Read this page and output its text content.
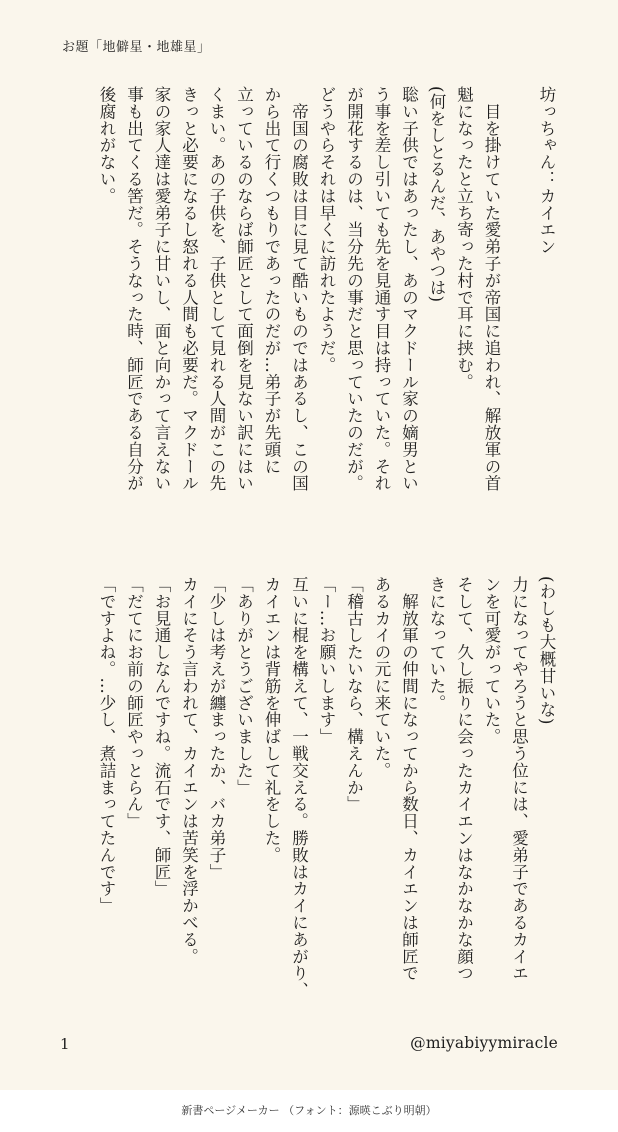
お題「地僻星・地雄星」
坊っちゃん：カイエン
　目を掛けていた愛弟子が帝国に追われ、解放軍の首
魁になったと立ち寄った村で耳に挟む。
(何をしとるんだ、あやつは)
聡い子供ではあったし、あのマクドール家の嫡男とい
う事を差し引いても先を見通す目は持っていた。それ
が開花するのは、当分先の事だと思っていたのだが。
どうやらそれは早くに訪れたようだ。
　帝国の腐敗は目に見て酷いものではあるし、この国
から出て行くつもりであったのだが…弟子が先頭に
立っているのならば師匠として面倒を見ない訳にはい
くまい。あの子供を、子供として見れる人間がこの先
きっと必要になるし怒れる人間も必要だ。マクドール
家の家人達は愛弟子に甘いし、面と向かって言えない
事も出てくる筈だ。そうなった時、師匠である自分が
後腐れがない。
(わしも大概甘いな)
力になってやろうと思う位には、愛弟子であるカイエ
ンを可愛がっていた。
そして、久し振りに会ったカイエンはなかなかな顔つ
きになっていた。
　解放軍の仲間になってから数日、カイエンは師匠で
あるカイの元に来ていた。
「稽古したいなら、構えんか」
「ー…お願いします」
互いに棍を構えて、一戦交える。勝敗はカイにあがり、
カイエンは背筋を伸ばして礼をした。
「ありがとうございました」
「少しは考えが纏まったか、バカ弟子」
カイにそう言われて、カイエンは苦笑を浮かべる。
「お見通しなんですね。流石です、師匠」
「だてにお前の師匠やっとらん」
「ですよね。…少し、煮詰まってたんです」
1	@miyabiyymiracle
新書ページメーカー （フォント：源暎こぶり明朝）
